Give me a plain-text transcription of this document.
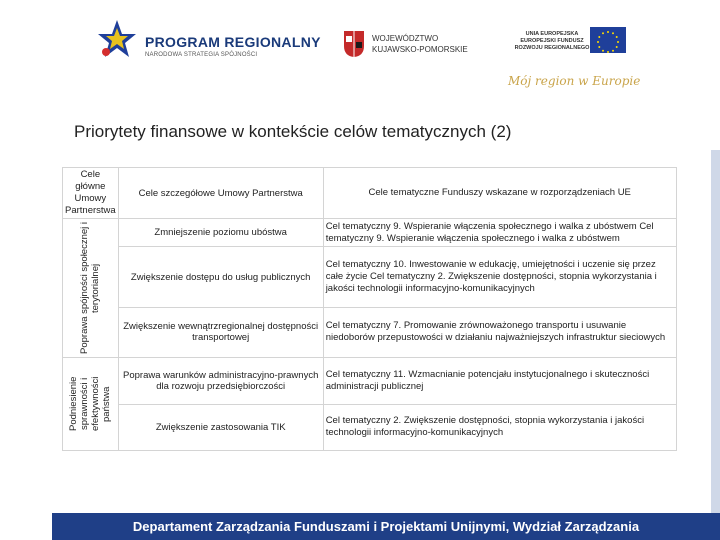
PROGRAM REGIONALNY
NARODOWA STRATEGIA SPÓJNOŚCI
WOJEWÓDZTWO
KUJAWSKO-POMORSKIE
UNIA EUROPEJSKA
EUROPEJSKI FUNDUSZ
ROZWOJU REGIONALNEGO
Mój region w Europie
Priorytety finansowe w kontekście celów tematycznych (2)
Cele główne Umowy Partnerstwa	Cele szczegółowe Umowy Partnerstwa	Cele tematyczne Funduszy wskazane w rozporządzeniach UE

Poprawa spójności społecznej i terytorialnej	Zmniejszenie poziomu ubóstwa	Cel tematyczny 9. Wspieranie włączenia społecznego i walka z ubóstwem Cel tematyczny 9. Wspieranie włączenia społecznego i walka z ubóstwem
	Zwiększenie dostępu do usług publicznych	Cel tematyczny 10. Inwestowanie w edukację, umiejętności i uczenie się przez całe życie Cel tematyczny 2. Zwiększenie dostępności, stopnia wykorzystania i jakości technologii informacyjno-komunikacyjnych
	Zwiększenie wewnątrzregionalnej dostępności transportowej	Cel tematyczny 7. Promowanie zrównoważonego transportu i usuwanie niedoborów przepustowości w działaniu najważniejszych infrastruktur sieciowych

Podniesienie sprawności i efektywności państwa	Poprawa warunków administracyjno-prawnych dla rozwoju przedsiębiorczości	Cel tematyczny 11. Wzmacnianie potencjału instytucjonalnego i skuteczności administracji publicznej
	Zwiększenie zastosowania TIK	Cel tematyczny 2. Zwiększenie dostępności, stopnia wykorzystania i jakości technologii informacyjno-komunikacyjnych
Departament Zarządzania Funduszami i Projektami Unijnymi, Wydział Zarządzania
